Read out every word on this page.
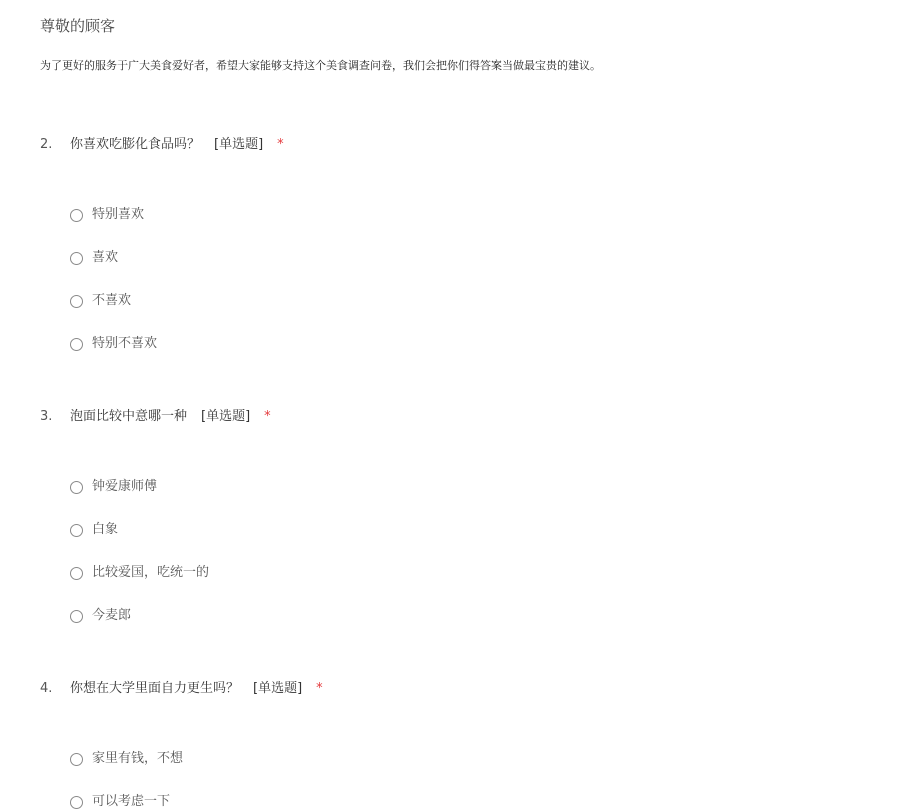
尊敬的顾客
为了更好的服务于广大美食爱好者，希望大家能够支持这个美食调查问卷，我们会把你们得答案当做最宝贵的建议。
2. 你喜欢吃膨化食品吗？ [单选题] *
特别喜欢
喜欢
不喜欢
特别不喜欢
3. 泡面比较中意哪一种 [单选题] *
钟爱康师傅
白象
比较爱国，吃统一的
今麦郎
4. 你想在大学里面自力更生吗？ [单选题] *
家里有钱，不想
可以考虑一下
